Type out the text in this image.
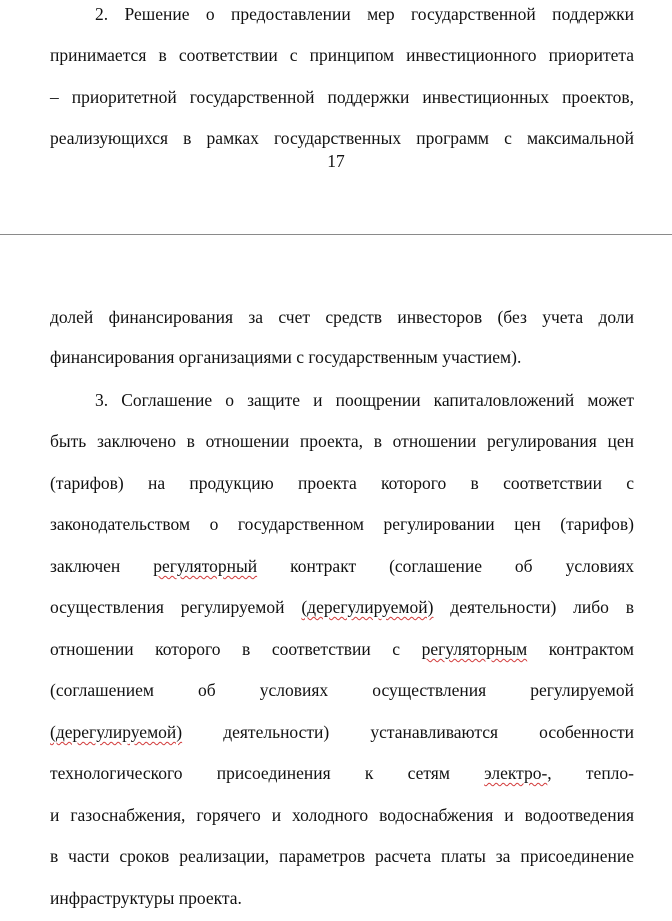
2. Решение о предоставлении мер государственной поддержки
принимается в соответствии с принципом инвестиционного приоритета
– приоритетной государственной поддержки инвестиционных проектов,
реализующихся в рамках государственных программ с максимальной
17
долей финансирования за счет средств инвесторов (без учета доли
финансирования организациями с государственным участием).
3. Соглашение о защите и поощрении капиталовложений может
быть заключено в отношении проекта, в отношении регулирования цен
(тарифов) на продукцию проекта которого в соответствии с
законодательством о государственном регулировании цен (тарифов)
заключен регуляторный контракт (соглашение об условиях
осуществления регулируемой (дерегулируемой) деятельности) либо в
отношении которого в соответствии с регуляторным контрактом
(соглашением об условиях осуществления регулируемой
(дерегулируемой) деятельности) устанавливаются особенности
технологического присоединения к сетям электро-, тепло-
и газоснабжения, горячего и холодного водоснабжения и водоотведения
в части сроков реализации, параметров расчета платы за присоединение
инфраструктуры проекта.
